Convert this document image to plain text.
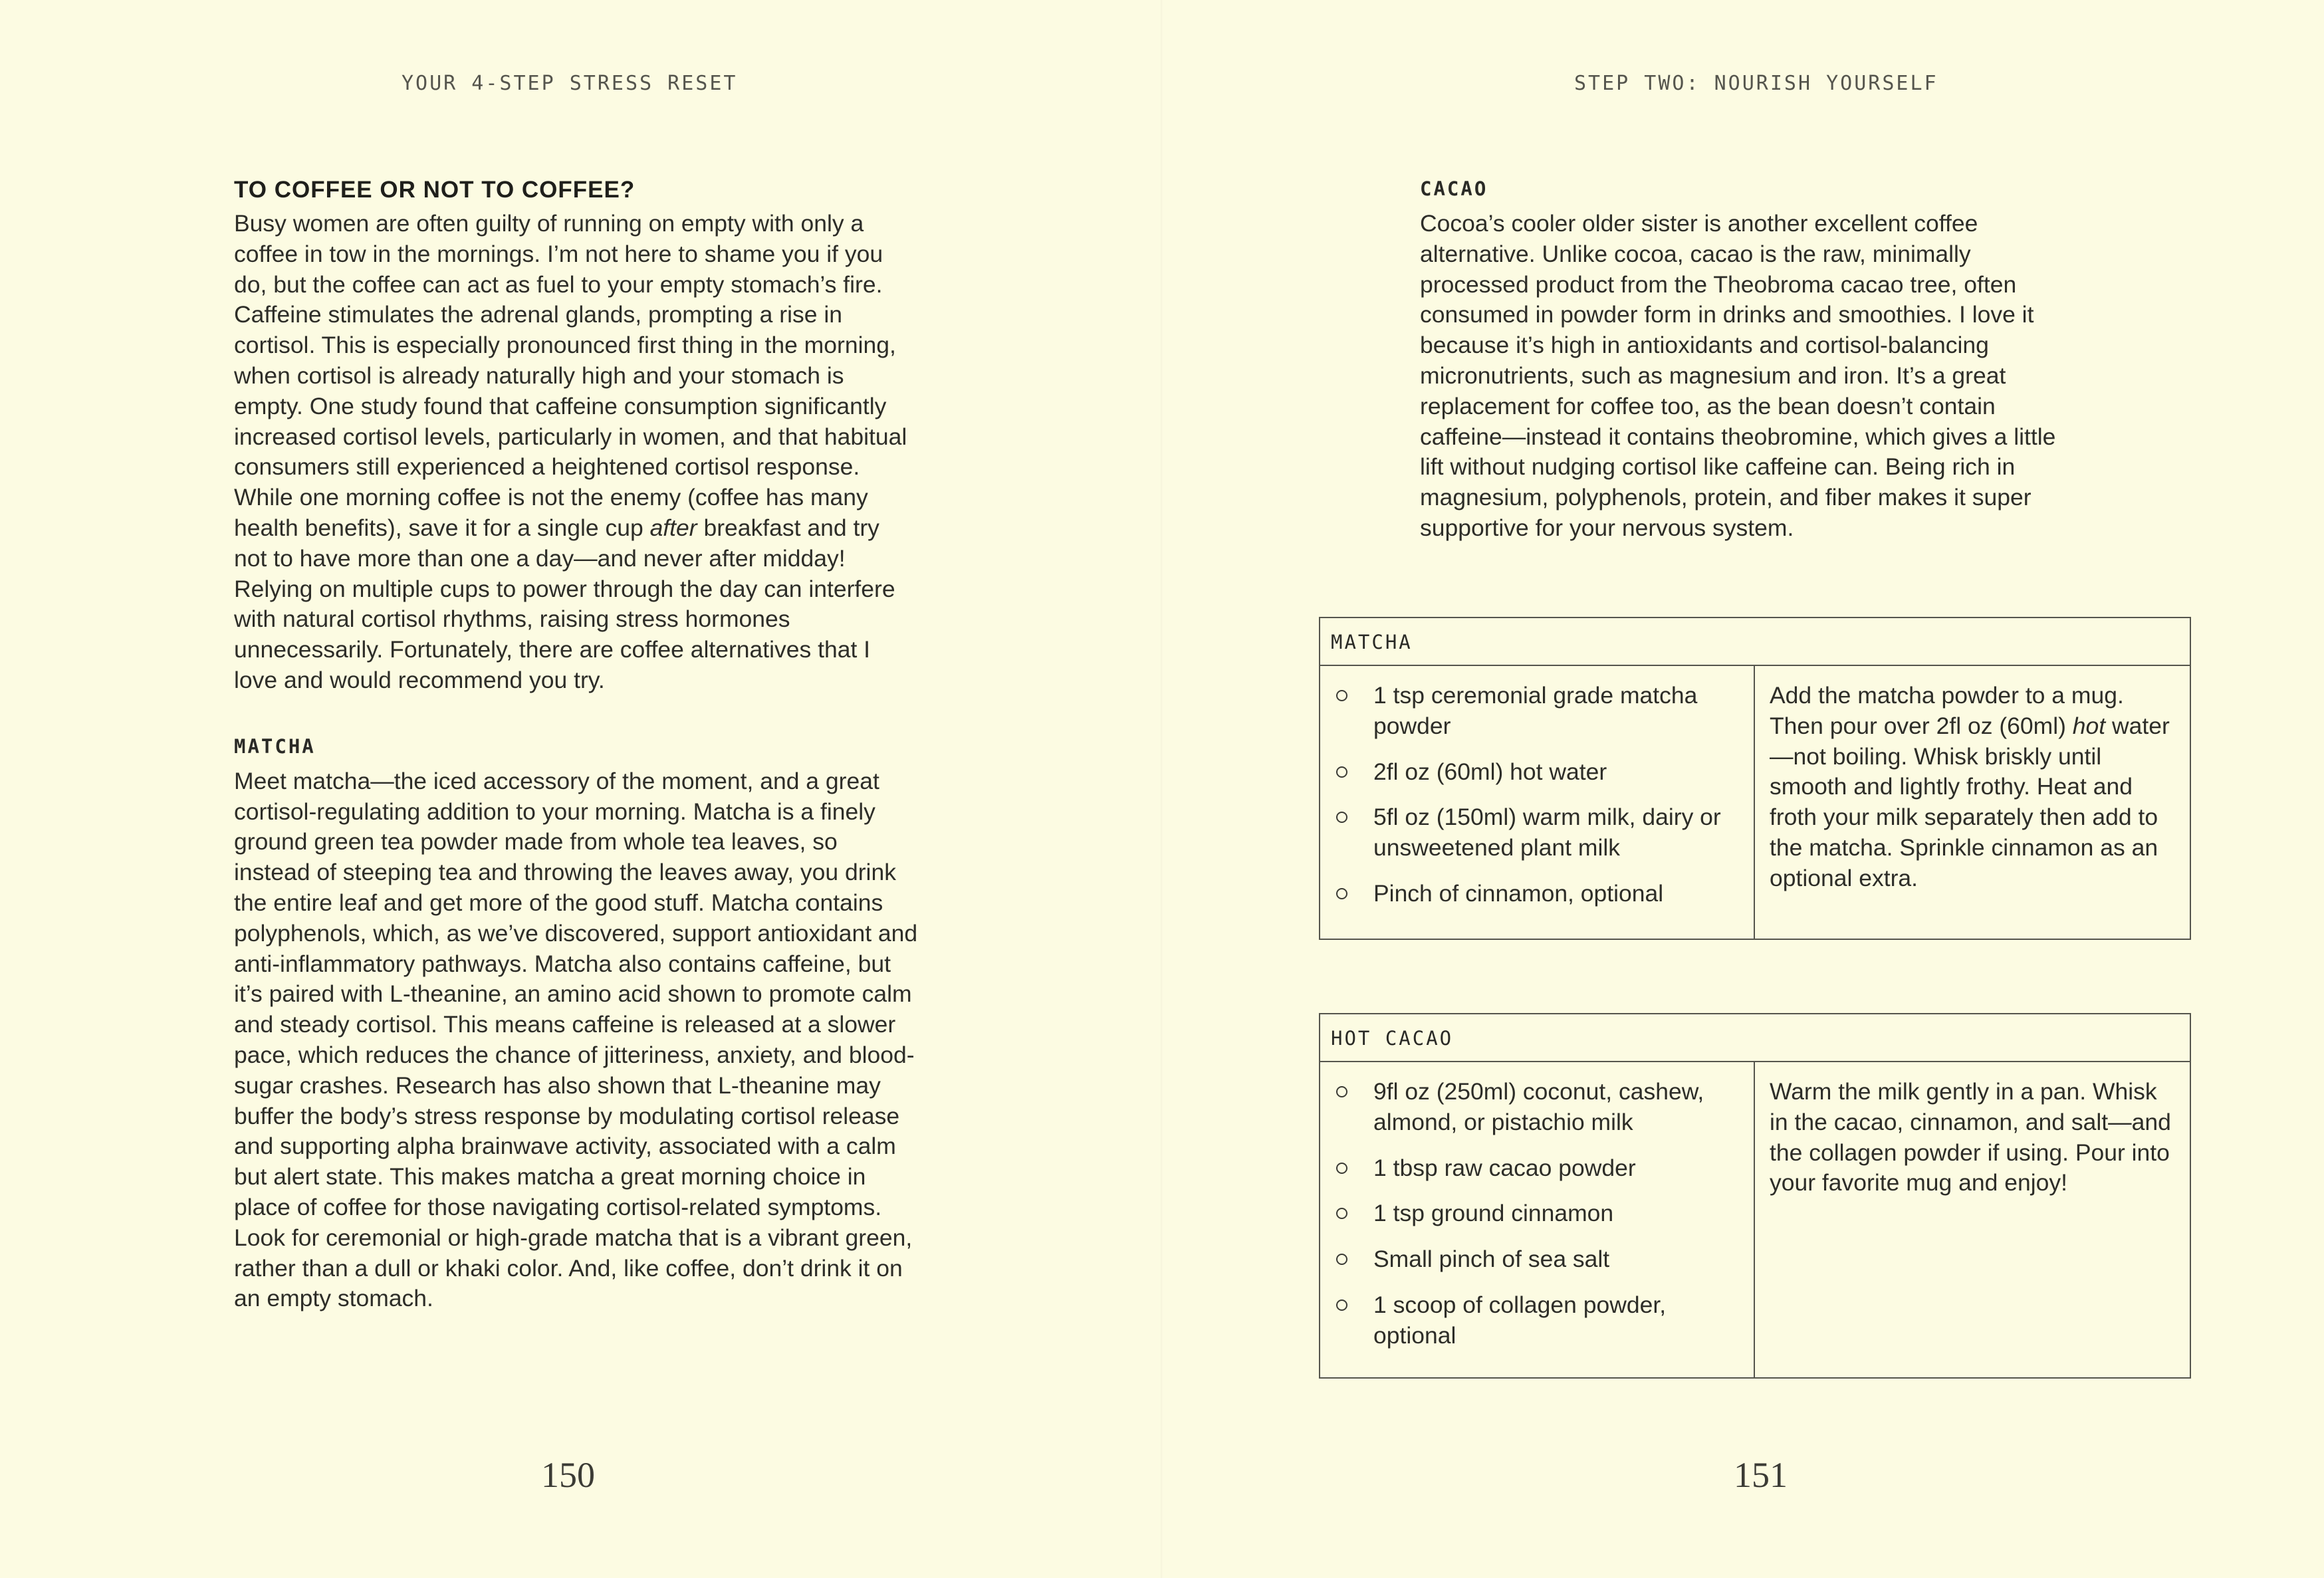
YOUR 4-STEP STRESS RESET
TO COFFEE OR NOT TO COFFEE?

Busy women are often guilty of running on empty with only a coffee in tow in the mornings. I’m not here to shame you if you do, but the coffee can act as fuel to your empty stomach’s fire. Caffeine stimulates the adrenal glands, prompting a rise in cortisol. This is especially pronounced first thing in the morning, when cortisol is already naturally high and your stomach is empty. One study found that caffeine consumption significantly increased cortisol levels, particularly in women, and that habitual consumers still experienced a heightened cortisol response. While one morning coffee is not the enemy (coffee has many health benefits), save it for a single cup after breakfast and try not to have more than one a day—and never after midday! Relying on multiple cups to power through the day can interfere with natural cortisol rhythms, raising stress hormones unnecessarily. Fortunately, there are coffee alternatives that I love and would recommend you try.

MATCHA

Meet matcha—the iced accessory of the moment, and a great cortisol-regulating addition to your morning. Matcha is a finely ground green tea powder made from whole tea leaves, so instead of steeping tea and throwing the leaves away, you drink the entire leaf and get more of the good stuff. Matcha contains polyphenols, which, as we’ve discovered, support antioxidant and anti-inflammatory pathways. Matcha also contains caffeine, but it’s paired with L-theanine, an amino acid shown to promote calm and steady cortisol. This means caffeine is released at a slower pace, which reduces the chance of jitteriness, anxiety, and blood-sugar crashes. Research has also shown that L-theanine may buffer the body’s stress response by modulating cortisol release and supporting alpha brainwave activity, associated with a calm but alert state. This makes matcha a great morning choice in place of coffee for those navigating cortisol-related symptoms. Look for ceremonial or high-grade matcha that is a vibrant green, rather than a dull or khaki color. And, like coffee, don’t drink it on an empty stomach.

150
STEP TWO: NOURISH YOURSELF
CACAO

Cocoa’s cooler older sister is another excellent coffee alternative. Unlike cocoa, cacao is the raw, minimally processed product from the Theobroma cacao tree, often consumed in powder form in drinks and smoothies. I love it because it’s high in antioxidants and cortisol-balancing micronutrients, such as magnesium and iron. It’s a great replacement for coffee too, as the bean doesn’t contain caffeine—instead it contains theobromine, which gives a little lift without nudging cortisol like caffeine can. Being rich in magnesium, polyphenols, protein, and fiber makes it super supportive for your nervous system.

MATCHA
1 tsp ceremonial grade matcha powder
2fl oz (60ml) hot water
5fl oz (150ml) warm milk, dairy or unsweetened plant milk
Pinch of cinnamon, optional
Add the matcha powder to a mug. Then pour over 2fl oz (60ml) hot water—not boiling. Whisk briskly until smooth and lightly frothy. Heat and froth your milk separately then add to the matcha. Sprinkle cinnamon as an optional extra.
HOT CACAO
9fl oz (250ml) coconut, cashew, almond, or pistachio milk
1 tbsp raw cacao powder
1 tsp ground cinnamon
Small pinch of sea salt
1 scoop of collagen powder, optional
Warm the milk gently in a pan. Whisk in the cacao, cinnamon, and salt—and the collagen powder if using. Pour into your favorite mug and enjoy!
151
